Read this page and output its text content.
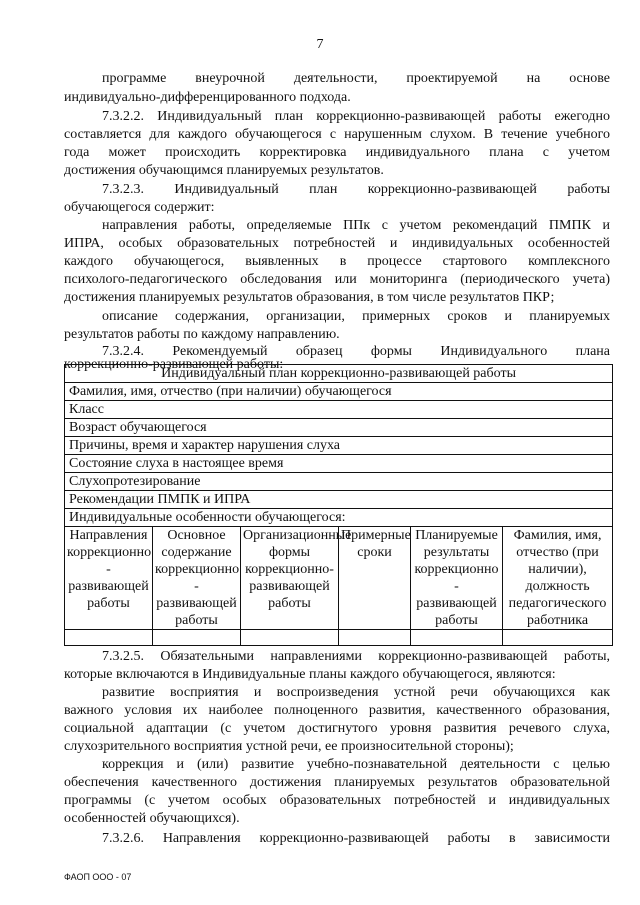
7
программе внеурочной деятельности, проектируемой на основе
индивидуально-дифференцированного подхода.
7.3.2.2. Индивидуальный план коррекционно-развивающей работы ежегодно
составляется для каждого обучающегося с нарушенным слухом. В течение учебного
года может происходить корректировка индивидуального плана с учетом
достижения обучающимся планируемых результатов.
7.3.2.3. Индивидуальный план коррекционно-развивающей работы
обучающегося содержит:
направления работы, определяемые ППк с учетом рекомендаций ПМПК и
ИПРА, особых образовательных потребностей и индивидуальных особенностей
каждого обучающегося, выявленных в процессе стартового комплексного
психолого-педагогического обследования или мониторинга (периодического учета)
достижения планируемых результатов образования, в том числе результатов ПКР;
описание содержания, организации, примерных сроков и планируемых
результатов работы по каждому направлению.
7.3.2.4. Рекомендуемый образец формы Индивидуального плана
коррекционно-развивающей работы:
Индивидуальный план коррекционно-развивающей работы					
Фамилия, имя, отчество (при наличии) обучающегося					
Класс					
Возраст обучающегося					
Причины, время и характер нарушения слуха					
Состояние слуха в настоящее время					
Слухопротезирование					
Рекомендации ПМПК и ИПРА					
Индивидуальные особенности обучающегося:					
Направления коррекционно - развивающей работы	Основное содержание коррекционно - развивающей работы	Организационные формы коррекционно-развивающей работы	Примерные сроки	Планируемые результаты коррекционно - развивающей работы	Фамилия, имя, отчество (при наличии), должность педагогического работника

7.3.2.5. Обязательными направлениями коррекционно-развивающей работы,
которые включаются в Индивидуальные планы каждого обучающегося, являются:
развитие восприятия и воспроизведения устной речи обучающихся как
важного условия их наиболее полноценного развития, качественного образования,
социальной адаптации (с учетом достигнутого уровня развития речевого слуха,
слухозрительного восприятия устной речи, ее произносительной стороны);
коррекция и (или) развитие учебно-познавательной деятельности с целью
обеспечения качественного достижения планируемых результатов образовательной
программы (с учетом особых образовательных потребностей и индивидуальных
особенностей обучающихся).
7.3.2.6. Направления коррекционно-развивающей работы в зависимости
ФАОП ООО - 07
